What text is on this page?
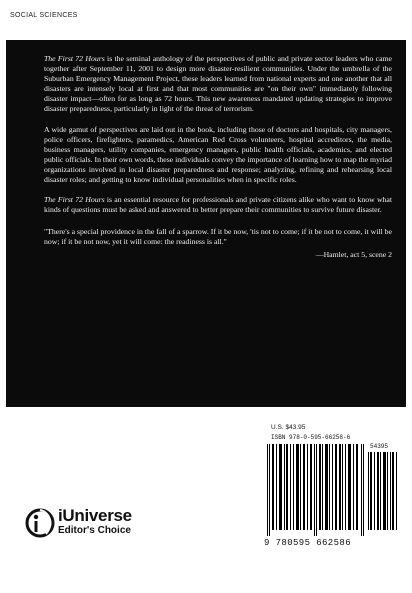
SOCIAL SCIENCES

The First 72 Hours is the seminal anthology of the perspectives of public and private sector leaders who came together after September 11, 2001 to design more disaster-resilient communities. Under the umbrella of the Suburban Emergency Management Project, these leaders learned from national experts and one another that all disasters are intensely local at first and that most communities are "on their own" immediately following disaster impact—often for as long as 72 hours. This new awareness mandated updating strategies to improve disaster preparedness, particularly in light of the threat of terrorism.

A wide gamut of perspectives are laid out in the book, including those of doctors and hospitals, city managers, police officers, firefighters, paramedics, American Red Cross volunteers, hospital accreditors, the media, business managers, utility companies, emergency managers, public health officials, academics, and elected public officials. In their own words, these individuals convey the importance of learning how to map the myriad organizations involved in local disaster preparedness and response; analyzing, refining and rehearsing local disaster roles; and getting to know individual personalities when in specific roles.

The First 72 Hours is an essential resource for professionals and private citizens alike who want to know what kinds of questions must be asked and answered to better prepare their communities to survive future disaster.

"There's a special providence in the fall of a sparrow. If it be now, 'tis not to come; if it be not to come, it will be now; if it be not now, yet it will come: the readiness is all."

—Hamlet, act 5, scene 2

U.S. $43.95
ISBN 978-0-595-66258-6
54395
9 780595 662586
iUniverse
Editor's Choice
